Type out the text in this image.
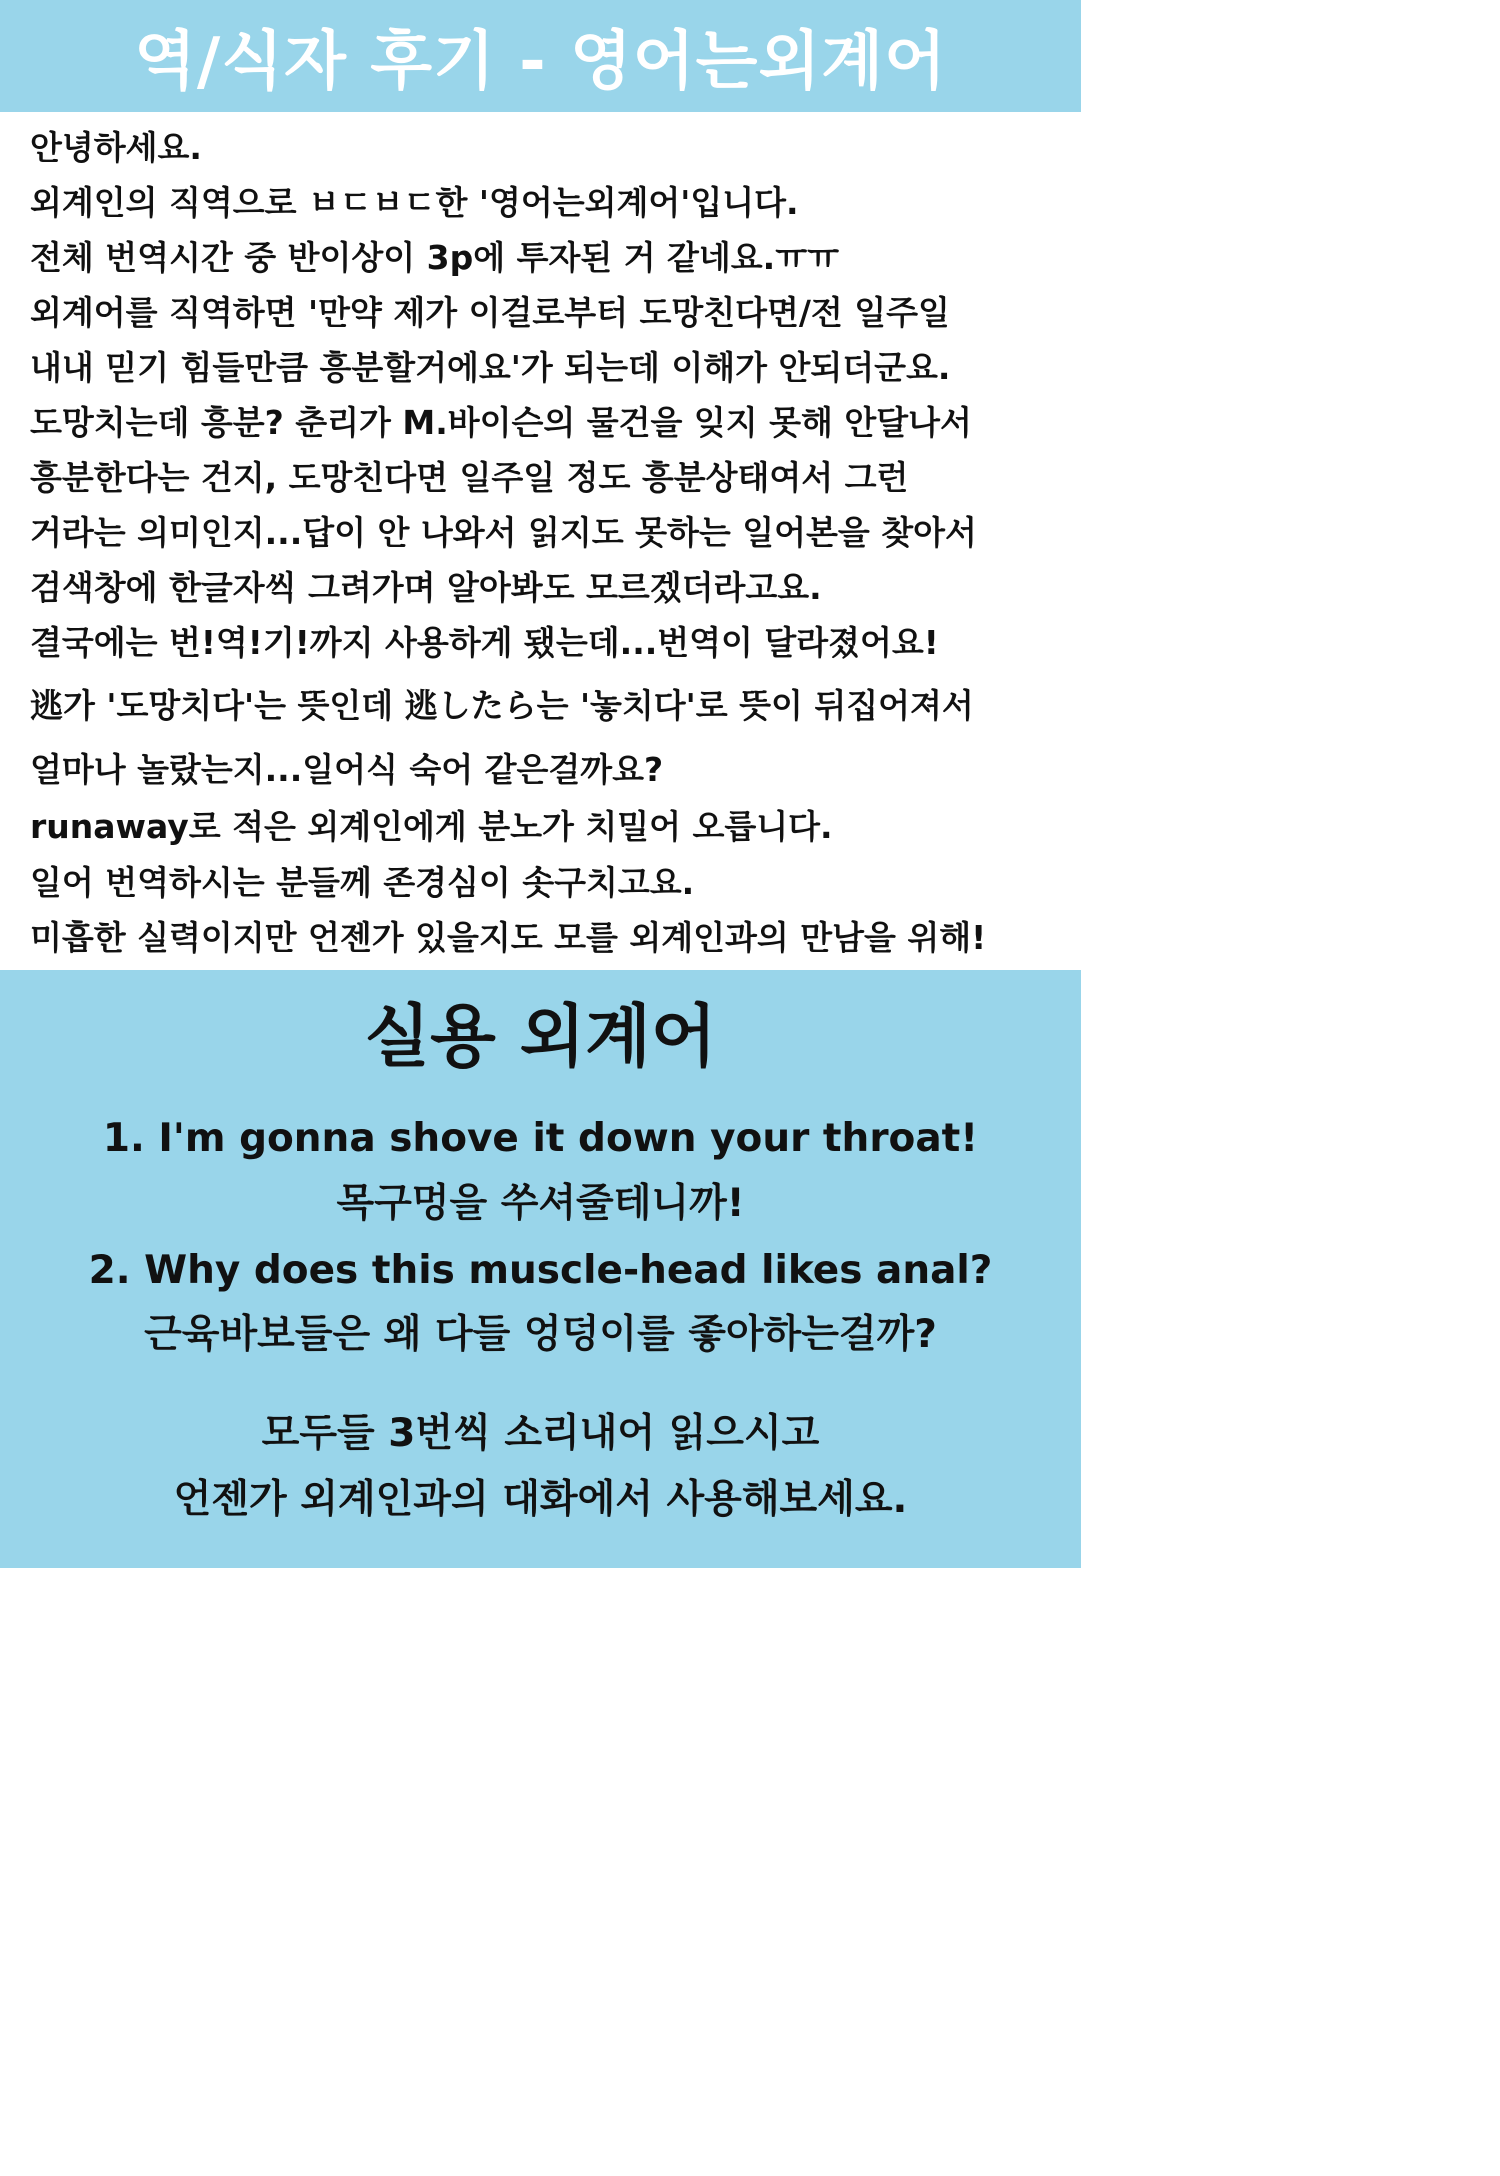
역/식자 후기 - 영어는외계어
안녕하세요.
외계인의 직역으로 ㅂㄷㅂㄷ한 '영어는외계어'입니다.
전체 번역시간 중 반이상이 3p에 투자된 거 같네요.ㅠㅠ
외계어를 직역하면 '만약 제가 이걸로부터 도망친다면/전 일주일
내내 믿기 힘들만큼 흥분할거에요'가 되는데 이해가 안되더군요.
도망치는데 흥분? 춘리가 M.바이슨의 물건을 잊지 못해 안달나서
흥분한다는 건지, 도망친다면 일주일 정도 흥분상태여서 그런
거라는 의미인지...답이 안 나와서 읽지도 못하는 일어본을 찾아서
검색창에 한글자씩 그려가며 알아봐도 모르겠더라고요.
결국에는 번!역!기!까지 사용하게 됐는데...번역이 달라졌어요!
逃가 '도망치다'는 뜻인데 逃したら는 '놓치다'로 뜻이 뒤집어져서
얼마나 놀랐는지...일어식 숙어 같은걸까요?
runaway로 적은 외계인에게 분노가 치밀어 오릅니다.
일어 번역하시는 분들께 존경심이 솟구치고요.
미흡한 실력이지만 언젠가 있을지도 모를 외계인과의 만남을 위해!
실용 외계어
1. I'm gonna shove it down your throat!
목구멍을 쑤셔줄테니까!
2. Why does this muscle-head likes anal?
근육바보들은 왜 다들 엉덩이를 좋아하는걸까?
모두들 3번씩 소리내어 읽으시고
언젠가 외계인과의 대화에서 사용해보세요.
